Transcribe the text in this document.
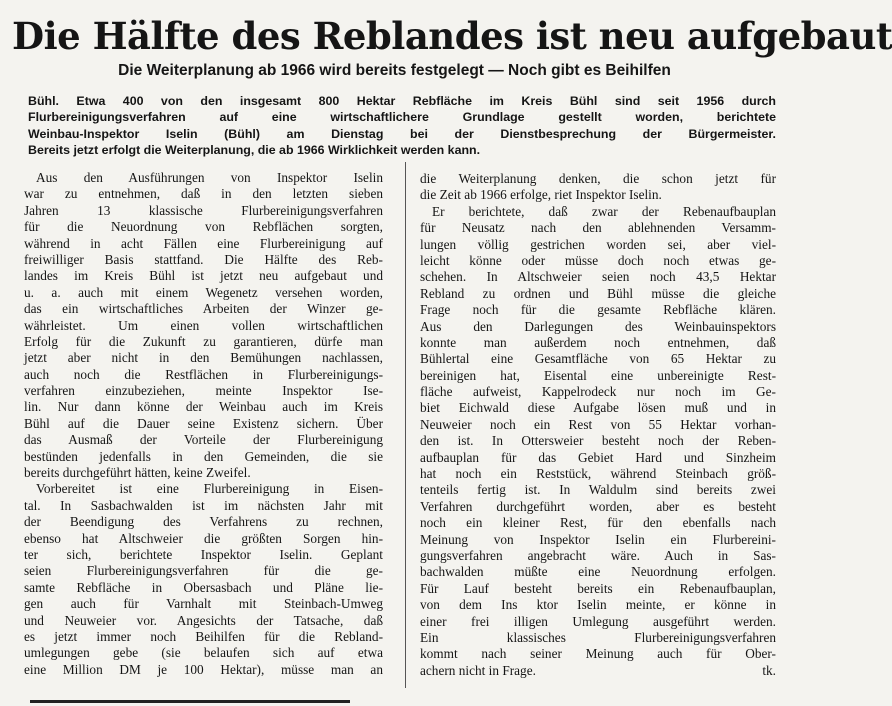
Die Hälfte des Reblandes ist neu aufgebaut
Die Weiterplanung ab 1966 wird bereits festgelegt — Noch gibt es Beihilfen
Bühl. Etwa 400 von den insgesamt 800 Hektar Rebfläche im Kreis Bühl sind seit 1956 durch
Flurbereinigungsverfahren auf eine wirtschaftlichere Grundlage gestellt worden, berichtete
Weinbau-Inspektor Iselin (Bühl) am Dienstag bei der Dienstbesprechung der Bürgermeister.
Bereits jetzt erfolgt die Weiterplanung, die ab 1966 Wirklichkeit werden kann.
Aus den Ausführungen von Inspektor Iselin
war zu entnehmen, daß in den letzten sieben
Jahren 13 klassische Flurbereinigungsverfahren
für die Neuordnung von Rebflächen sorgten,
während in acht Fällen eine Flurbereinigung auf
freiwilliger Basis stattfand. Die Hälfte des Reb-
landes im Kreis Bühl ist jetzt neu aufgebaut und
u. a. auch mit einem Wegenetz versehen worden,
das ein wirtschaftliches Arbeiten der Winzer ge-
währleistet. Um einen vollen wirtschaftlichen
Erfolg für die Zukunft zu garantieren, dürfe man
jetzt aber nicht in den Bemühungen nachlassen,
auch noch die Restflächen in Flurbereinigungs-
verfahren einzubeziehen, meinte Inspektor Ise-
lin. Nur dann könne der Weinbau auch im Kreis
Bühl auf die Dauer seine Existenz sichern. Über
das Ausmaß der Vorteile der Flurbereinigung
bestünden jedenfalls in den Gemeinden, die sie
bereits durchgeführt hätten, keine Zweifel.
Vorbereitet ist eine Flurbereinigung in Eisen-
tal. In Sasbachwalden ist im nächsten Jahr mit
der Beendigung des Verfahrens zu rechnen,
ebenso hat Altschweier die größten Sorgen hin-
ter sich, berichtete Inspektor Iselin. Geplant
seien Flurbereinigungsverfahren für die ge-
samte Rebfläche in Obersasbach und Pläne lie-
gen auch für Varnhalt mit Steinbach-Umweg
und Neuweier vor. Angesichts der Tatsache, daß
es jetzt immer noch Beihilfen für die Rebland-
umlegungen gebe (sie belaufen sich auf etwa
eine Million DM je 100 Hektar), müsse man an
die Weiterplanung denken, die schon jetzt für
die Zeit ab 1966 erfolge, riet Inspektor Iselin.
Er berichtete, daß zwar der Rebenaufbauplan
für Neusatz nach den ablehnenden Versamm-
lungen völlig gestrichen worden sei, aber viel-
leicht könne oder müsse doch noch etwas ge-
schehen. In Altschweier seien noch 43,5 Hektar
Rebland zu ordnen und Bühl müsse die gleiche
Frage noch für die gesamte Rebfläche klären.
Aus den Darlegungen des Weinbauinspektors
konnte man außerdem noch entnehmen, daß
Bühlertal eine Gesamtfläche von 65 Hektar zu
bereinigen hat, Eisental eine unbereinigte Rest-
fläche aufweist, Kappelrodeck nur noch im Ge-
biet Eichwald diese Aufgabe lösen muß und in
Neuweier noch ein Rest von 55 Hektar vorhan-
den ist. In Ottersweier besteht noch der Reben-
aufbauplan für das Gebiet Hard und Sinzheim
hat noch ein Reststück, während Steinbach größ-
tenteils fertig ist. In Waldulm sind bereits zwei
Verfahren durchgeführt worden, aber es besteht
noch ein kleiner Rest, für den ebenfalls nach
Meinung von Inspektor Iselin ein Flurbereini-
gungsverfahren angebracht wäre. Auch in Sas-
bachwalden müßte eine Neuordnung erfolgen.
Für Lauf besteht bereits ein Rebenaufbauplan,
von dem Ins ktor Iselin meinte, er könne in
einer frei illigen Umlegung ausgeführt werden.
Ein klassisches Flurbereinigungsverfahren
kommt nach seiner Meinung auch für Ober-
achern nicht in Frage.	tk.
